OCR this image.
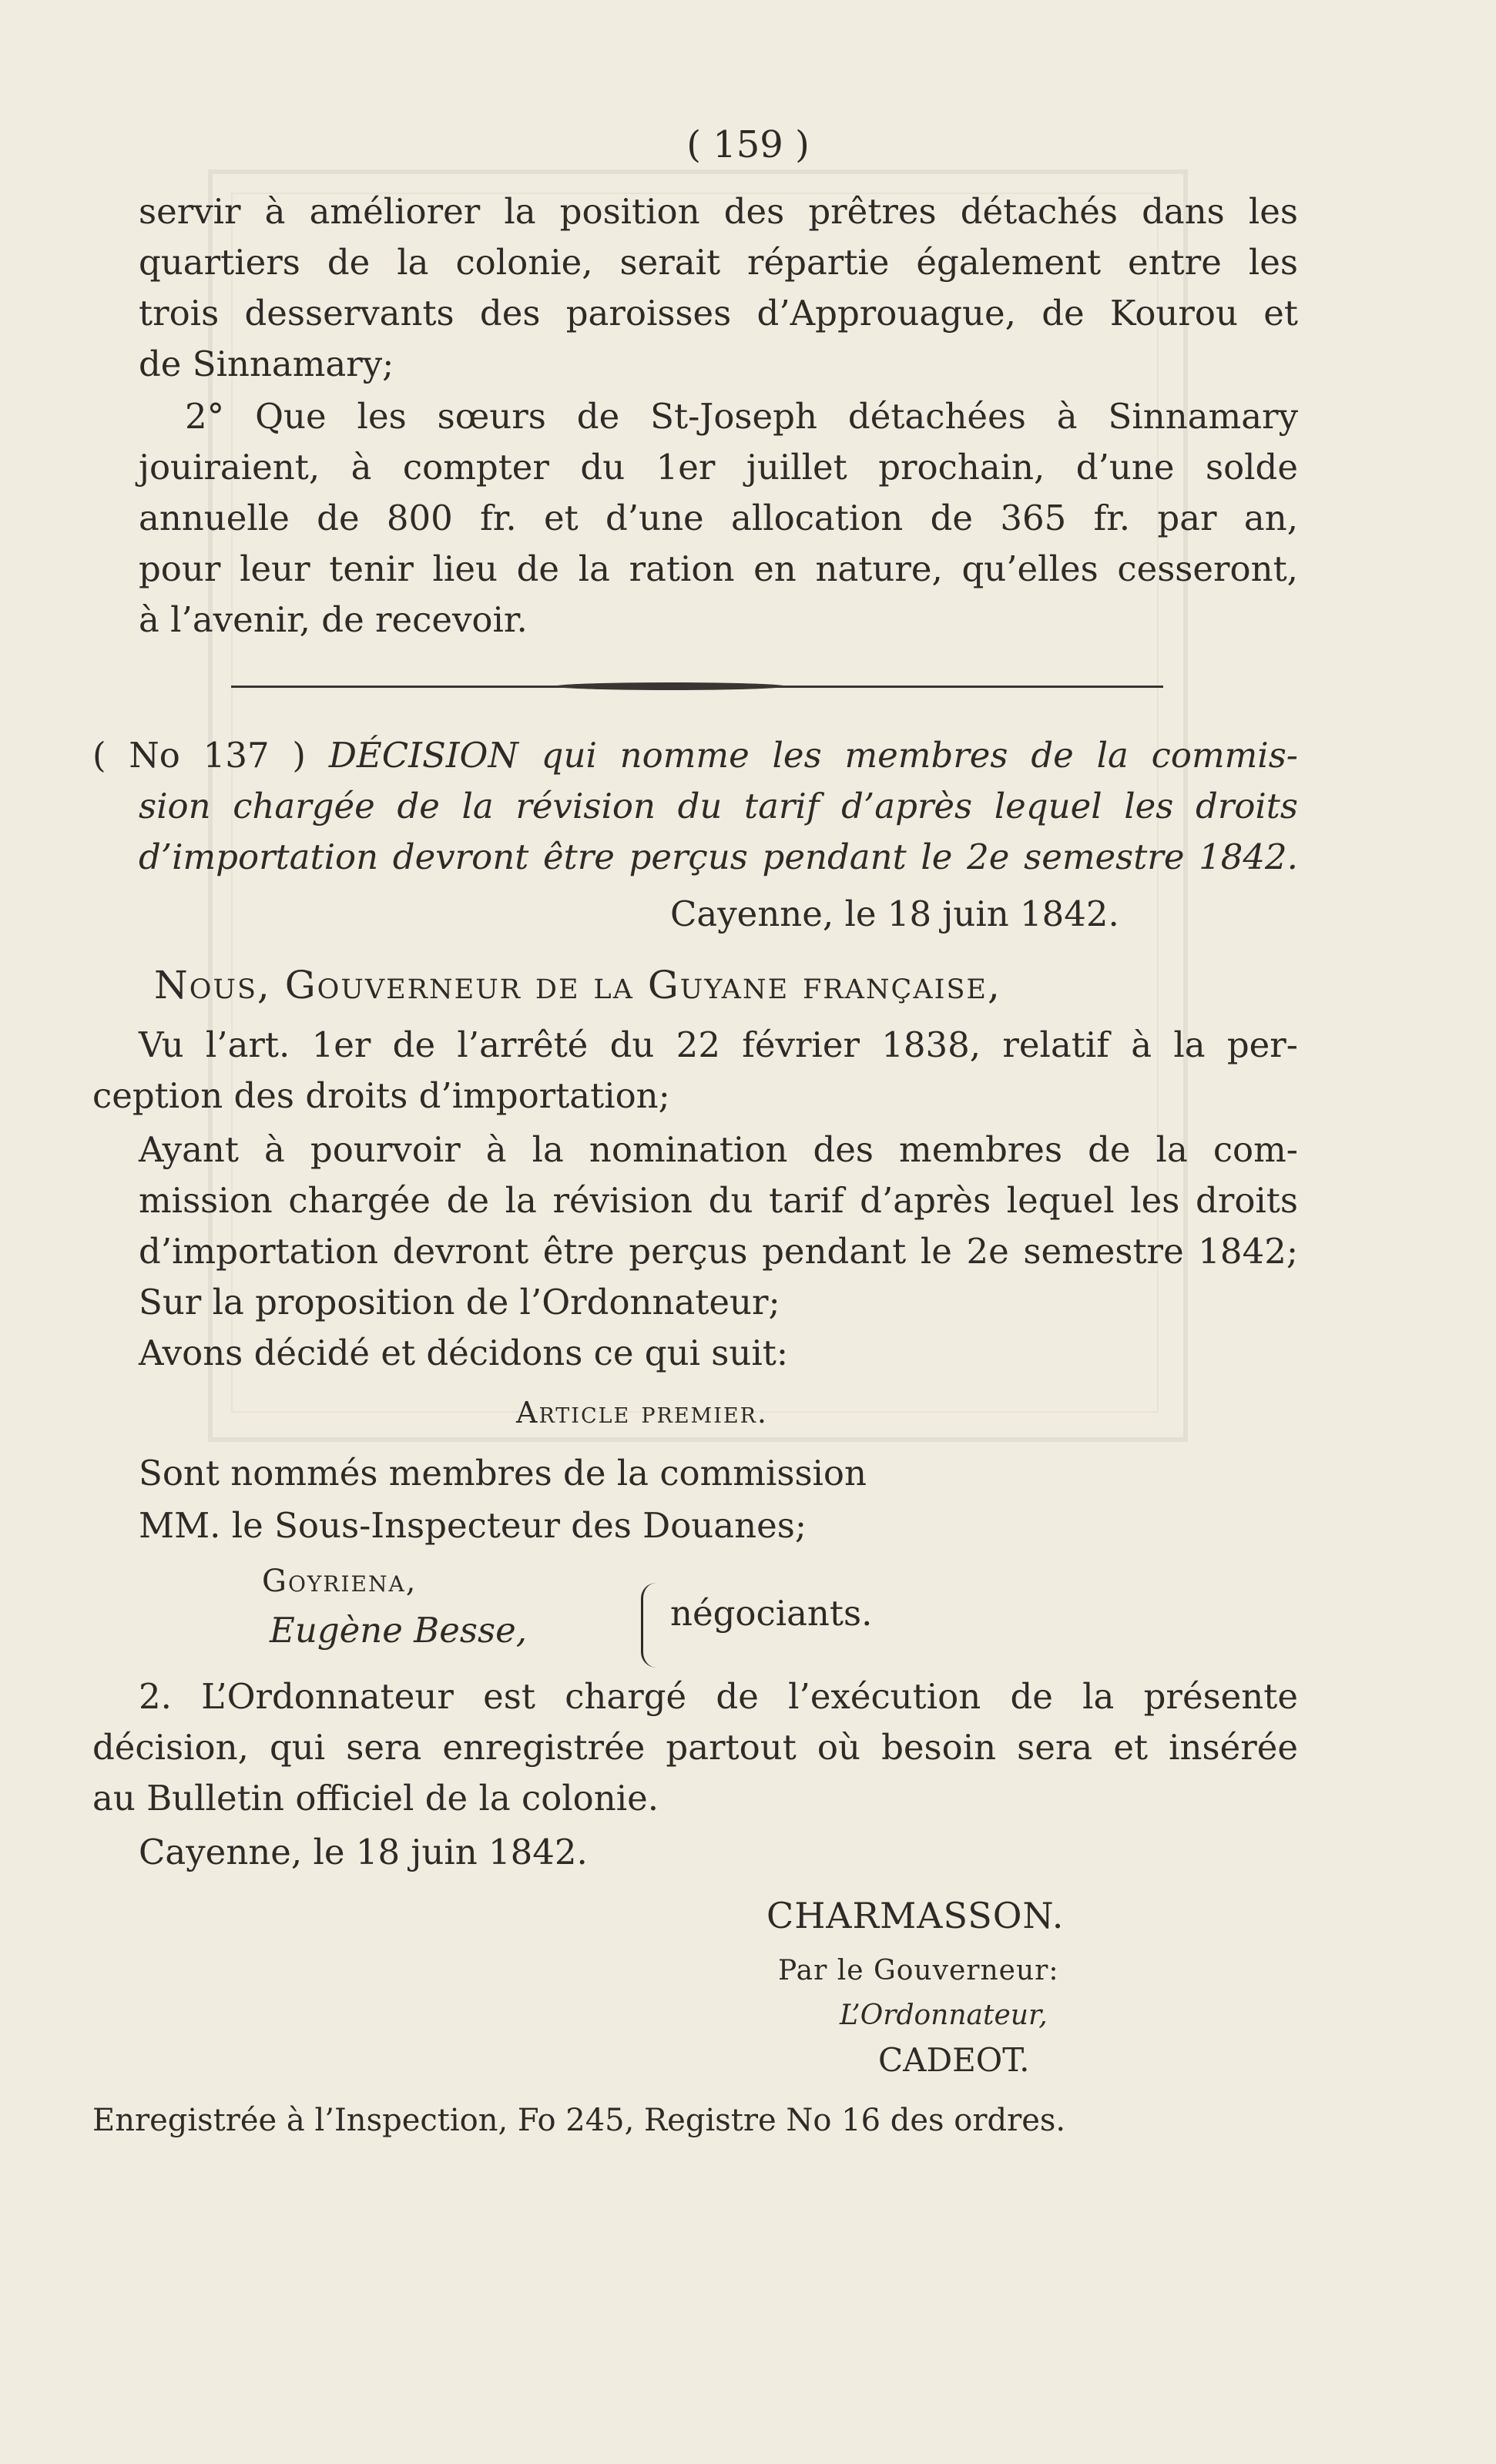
( 159 )
servir à améliorer la position des prêtres détachés dans les
quartiers de la colonie, serait répartie également entre les
trois desservants des paroisses d’Approuague, de Kourou et
de Sinnamary;
2° Que les sœurs de St-Joseph détachées à Sinnamary
jouiraient, à compter du 1er juillet prochain, d’une solde
annuelle de 800 fr. et d’une allocation de 365 fr. par an,
pour leur tenir lieu de la ration en nature, qu’elles cesseront,
à l’avenir, de recevoir.
( No 137 ) DÉCISION qui nomme les membres de la commis-
sion chargée de la révision du tarif d’après lequel les droits
d’importation devront être perçus pendant le 2e semestre 1842.
Cayenne, le 18 juin 1842.
Nous, Gouverneur de la Guyane française,
Vu l’art. 1er de l’arrêté du 22 février 1838, relatif à la per-
ception des droits d’importation;
Ayant à pourvoir à la nomination des membres de la com-
mission chargée de la révision du tarif d’après lequel les droits
d’importation devront être perçus pendant le 2e semestre 1842;
Sur la proposition de l’Ordonnateur;
Avons décidé et décidons ce qui suit:
Article premier.
Sont nommés membres de la commission
MM. le Sous-Inspecteur des Douanes;
Goyriena,
Eugène Besse,	négociants.
2. L’Ordonnateur est chargé de l’exécution de la présente
décision, qui sera enregistrée partout où besoin sera et insérée
au Bulletin officiel de la colonie.
Cayenne, le 18 juin 1842.
CHARMASSON.
Par le Gouverneur:
L’Ordonnateur,
CADEOT.
Enregistrée à l’Inspection, Fo 245, Registre No 16 des ordres.
